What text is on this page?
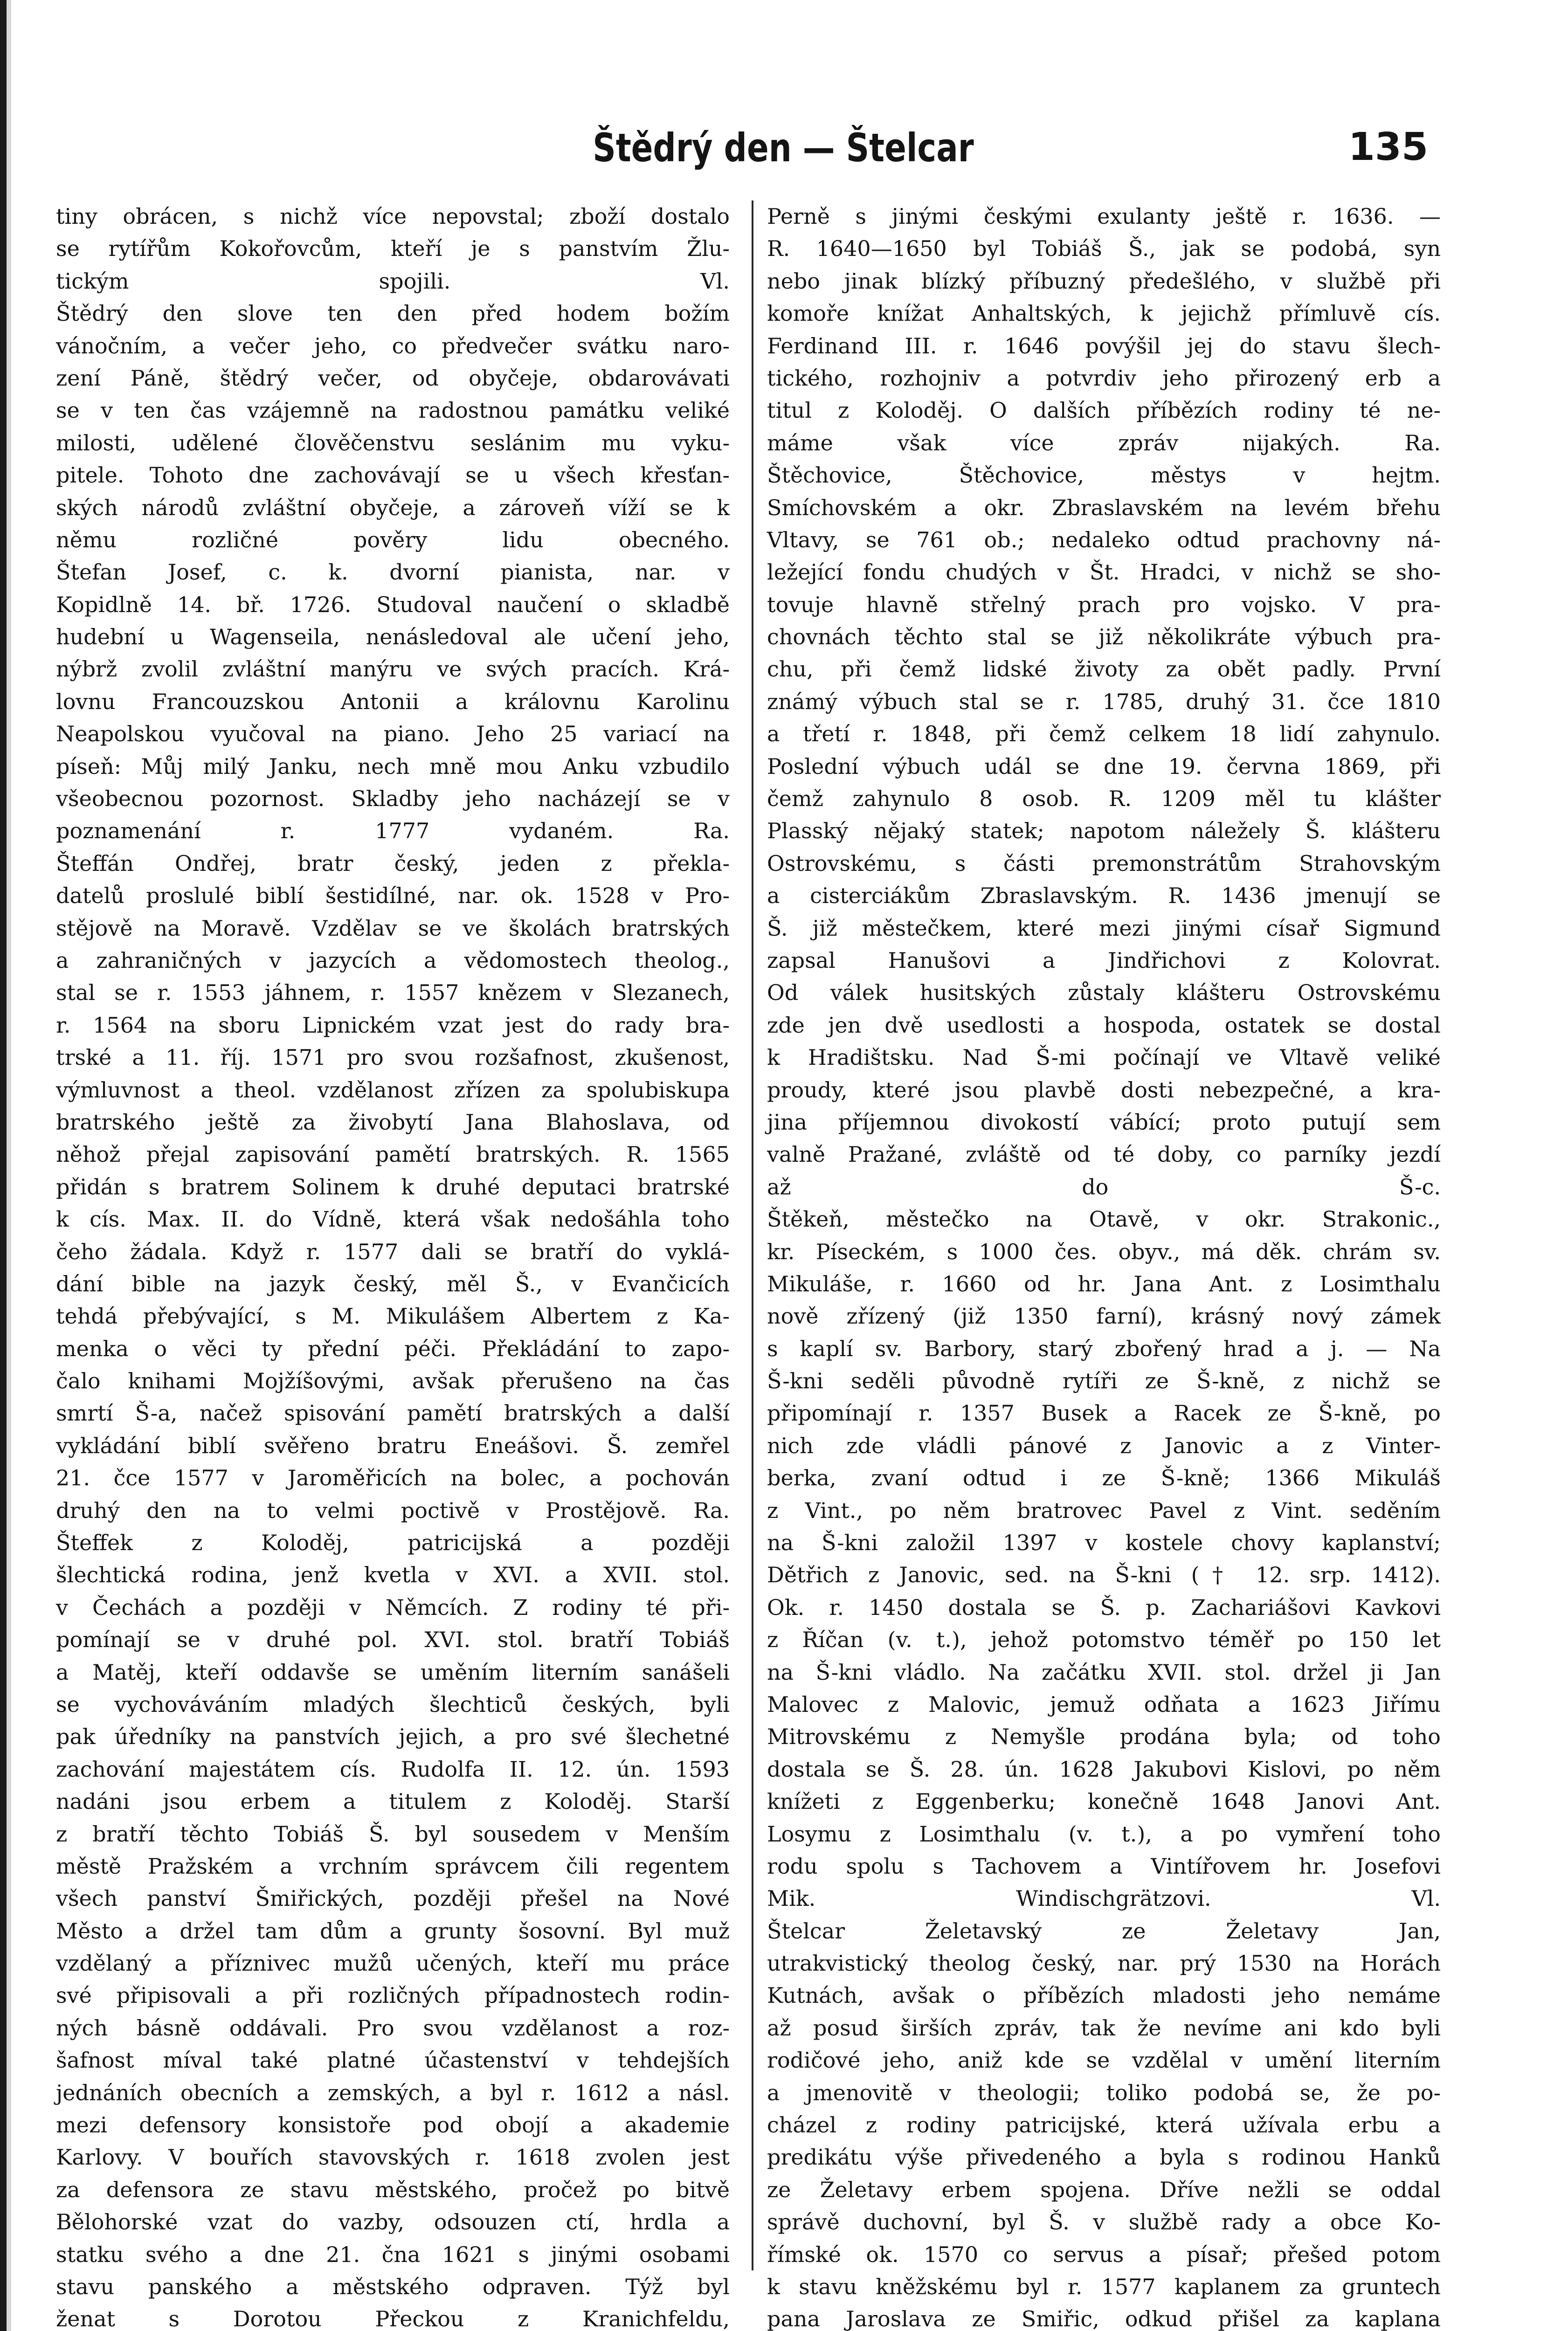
Štědrý den — Štelcar	135
tiny obrácen, s nichž více nepovstal; zboží dostalo
se rytířům Kokořovcům, kteří je s panstvím Žlu-
tickým spojili. Vl.
Štědrý den slove ten den před hodem božím
vánočním, a večer jeho, co předvečer svátku naro-
zení Páně, štědrý večer, od obyčeje, obdarovávati
se v ten čas vzájemně na radostnou památku veliké
milosti, udělené člověčenstvu seslánim mu vyku-
pitele. Tohoto dne zachovávají se u všech křesťan-
ských národů zvláštní obyčeje, a zároveň víží se k
němu rozličné pověry lidu obecného.
Štefan Josef, c. k. dvorní pianista, nar. v
Kopidlně 14. bř. 1726. Studoval naučení o skladbě
hudební u Wagenseila, nenásledoval ale učení jeho,
nýbrž zvolil zvláštní manýru ve svých pracích. Krá-
lovnu Francouzskou Antonii a královnu Karolinu
Neapolskou vyučoval na piano. Jeho 25 variací na
píseň: Můj milý Janku, nech mně mou Anku vzbudilo
všeobecnou pozornost. Skladby jeho nacházejí se v
poznamenání r. 1777 vydaném. Ra.
Šteffán Ondřej, bratr český, jeden z překla-
datelů proslulé biblí šestidílné, nar. ok. 1528 v Pro-
stějově na Moravě. Vzdělav se ve školách bratrských
a zahraničných v jazycích a vědomostech theolog.,
stal se r. 1553 jáhnem, r. 1557 knězem v Slezanech,
r. 1564 na sboru Lipnickém vzat jest do rady bra-
trské a 11. říj. 1571 pro svou rozšafnost, zkušenost,
výmluvnost a theol. vzdělanost zřízen za spolubiskupa
bratrského ještě za živobytí Jana Blahoslava, od
něhož přejal zapisování pamětí bratrských. R. 1565
přidán s bratrem Solinem k druhé deputaci bratrské
k cís. Max. II. do Vídně, která však nedošáhla toho
čeho žádala. Když r. 1577 dali se bratří do vyklá-
dání bible na jazyk český, měl Š., v Evančicích
tehdá přebývající, s M. Mikulášem Albertem z Ka-
menka o věci ty přední péči. Překládání to zapo-
čalo knihami Mojžíšovými, avšak přerušeno na čas
smrtí Š-a, načež spisování pamětí bratrských a další
vykládání biblí svěřeno bratru Eneášovi. Š. zemřel
21. čce 1577 v Jaroměřicích na bolec, a pochován
druhý den na to velmi poctivě v Prostějově. Ra.
Šteffek z Koloděj, patricijská a později
šlechtická rodina, jenž kvetla v XVI. a XVII. stol.
v Čechách a později v Němcích. Z rodiny té při-
pomínají se v druhé pol. XVI. stol. bratří Tobiáš
a Matěj, kteří oddavše se uměním literním sanášeli
se vychováváním mladých šlechticů českých, byli
pak úředníky na panstvích jejich, a pro své šlechetné
zachování majestátem cís. Rudolfa II. 12. ún. 1593
nadáni jsou erbem a titulem z Koloděj. Starší
z bratří těchto Tobiáš Š. byl sousedem v Menším
městě Pražském a vrchním správcem čili regentem
všech panství Šmiřických, později přešel na Nové
Město a držel tam dům a grunty šosovní. Byl muž
vzdělaný a příznivec mužů učených, kteří mu práce
své připisovali a při rozličných případnostech rodin-
ných básně oddávali. Pro svou vzdělanost a roz-
šafnost míval také platné účastenství v tehdejších
jednáních obecních a zemských, a byl r. 1612 a násl.
mezi defensory konsistoře pod obojí a akademie
Karlovy. V bouřích stavovských r. 1618 zvolen jest
za defensora ze stavu městského, pročež po bitvě
Bělohorské vzat do vazby, odsouzen ctí, hrdla a
statku svého a dne 21. čna 1621 s jinými osobami
stavu panského a městského odpraven. Týž byl
ženat s Dorotou Přeckou z Kranichfeldu,
Perně s jinými českými exulanty ještě r. 1636. —
R. 1640—1650 byl Tobiáš Š., jak se podobá, syn
nebo jinak blízký příbuzný předešlého, v službě při
komoře knížat Anhaltských, k jejichž přímluvě cís.
Ferdinand III. r. 1646 povýšil jej do stavu šlech-
tického, rozhojniv a potvrdiv jeho přirozený erb a
titul z Koloděj. O dalších příbězích rodiny té ne-
máme však více zpráv nijakých. Ra.
Štěchovice, Štěchovice, městys v hejtm.
Smíchovském a okr. Zbraslavském na levém břehu
Vltavy, se 761 ob.; nedaleko odtud prachovny ná-
ležející fondu chudých v Št. Hradci, v nichž se sho-
tovuje hlavně střelný prach pro vojsko. V pra-
chovnách těchto stal se již několikráte výbuch pra-
chu, při čemž lidské životy za obět padly. První
známý výbuch stal se r. 1785, druhý 31. čce 1810
a třetí r. 1848, při čemž celkem 18 lidí zahynulo.
Poslední výbuch udál se dne 19. června 1869, při
čemž zahynulo 8 osob. R. 1209 měl tu klášter
Plasský nějaký statek; napotom náležely Š. klášteru
Ostrovskému, s části premonstrátům Strahovským
a cisterciákům Zbraslavským. R. 1436 jmenují se
Š. již městečkem, které mezi jinými císař Sigmund
zapsal Hanušovi a Jindřichovi z Kolovrat.
Od válek husitských zůstaly klášteru Ostrovskému
zde jen dvě usedlosti a hospoda, ostatek se dostal
k Hradištsku. Nad Š-mi počínají ve Vltavě veliké
proudy, které jsou plavbě dosti nebezpečné, a kra-
jina příjemnou divokostí vábící; proto putují sem
valně Pražané, zvláště od té doby, co parníky jezdí
až do Š-c.
Štěkeň, městečko na Otavě, v okr. Strakonic.,
kr. Píseckém, s 1000 čes. obyv., má děk. chrám sv.
Mikuláše, r. 1660 od hr. Jana Ant. z Losimthalu
nově zřízený (již 1350 farní), krásný nový zámek
s kaplí sv. Barbory, starý zbořený hrad a j. — Na
Š-kni seděli původně rytíři ze Š-kně, z nichž se
připomínají r. 1357 Busek a Racek ze Š-kně, po
nich zde vládli pánové z Janovic a z Vinter-
berka, zvaní odtud i ze Š-kně; 1366 Mikuláš
z Vint., po něm bratrovec Pavel z Vint. seděním
na Š-kni založil 1397 v kostele chovy kaplanství;
Dětřich z Janovic, sed. na Š-kni († 12. srp. 1412).
Ok. r. 1450 dostala se Š. p. Zachariášovi Kavkovi
z Říčan (v. t.), jehož potomstvo téměř po 150 let
na Š-kni vládlo. Na začátku XVII. stol. držel ji Jan
Malovec z Malovic, jemuž odňata a 1623 Jiřímu
Mitrovskému z Nemyšle prodána byla; od toho
dostala se Š. 28. ún. 1628 Jakubovi Kislovi, po něm
knížeti z Eggenberku; konečně 1648 Janovi Ant.
Losymu z Losimthalu (v. t.), a po vymření toho
rodu spolu s Tachovem a Vintířovem hr. Josefovi
Mik. Windischgrätzovi. Vl.
Štelcar Želetavský ze Želetavy Jan,
utrakvistický theolog český, nar. prý 1530 na Horách
Kutnách, avšak o příbězích mladosti jeho nemáme
až posud širších zpráv, tak že nevíme ani kdo byli
rodičové jeho, aniž kde se vzdělal v umění literním
a jmenovitě v theologii; toliko podobá se, že po-
cházel z rodiny patricijské, která užívala erbu a
predikátu výše přivedeného a byla s rodinou Hanků
ze Želetavy erbem spojena. Dříve nežli se oddal
správě duchovní, byl Š. v službě rady a obce Ko-
římské ok. 1570 co servus a písař; přešed potom
k stavu kněžskému byl r. 1577 kaplanem za gruntech
pana Jaroslava ze Smiřic, odkud přišel za kaplana
